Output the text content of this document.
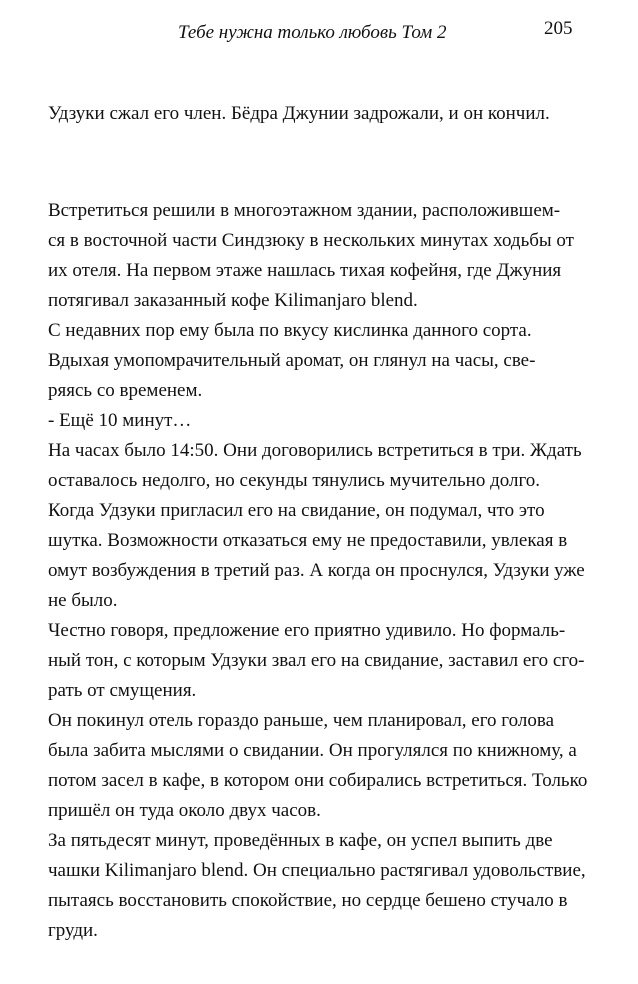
Тебе нужна только любовь Том 2	205
Удзуки сжал его член. Бёдра Джунии задрожали, и он кончил.

Встретиться решили в многоэтажном здании, расположившем-
ся в восточной части Синдзюку в нескольких минутах ходьбы от
их отеля. На первом этаже нашлась тихая кофейня, где Джуния
потягивал заказанный кофе Kilimanjaro blend.

С недавних пор ему была по вкусу кислинка данного сорта.

Вдыхая умопомрачительный аромат, он глянул на часы, све-
ряясь со временем.

- Ещё 10 минут…

На часах было 14:50. Они договорились встретиться в три. Ждать
оставалось недолго, но секунды тянулись мучительно долго.

Когда Удзуки пригласил его на свидание, он подумал, что это
шутка. Возможности отказаться ему не предоставили, увлекая в
омут возбуждения в третий раз. А когда он проснулся, Удзуки уже
не было.

Честно говоря, предложение его приятно удивило. Но формаль-
ный тон, с которым Удзуки звал его на свидание, заставил его сго-
рать от смущения.

Он покинул отель гораздо раньше, чем планировал, его голова
была забита мыслями о свидании. Он прогулялся по книжному, а
потом засел в кафе, в котором они собирались встретиться. Только
пришёл он туда около двух часов.

За пятьдесят минут, проведённых в кафе, он успел выпить две
чашки Kilimanjaro blend. Он специально растягивал удовольствие,
пытаясь восстановить спокойствие, но сердце бешено стучало в
груди.
